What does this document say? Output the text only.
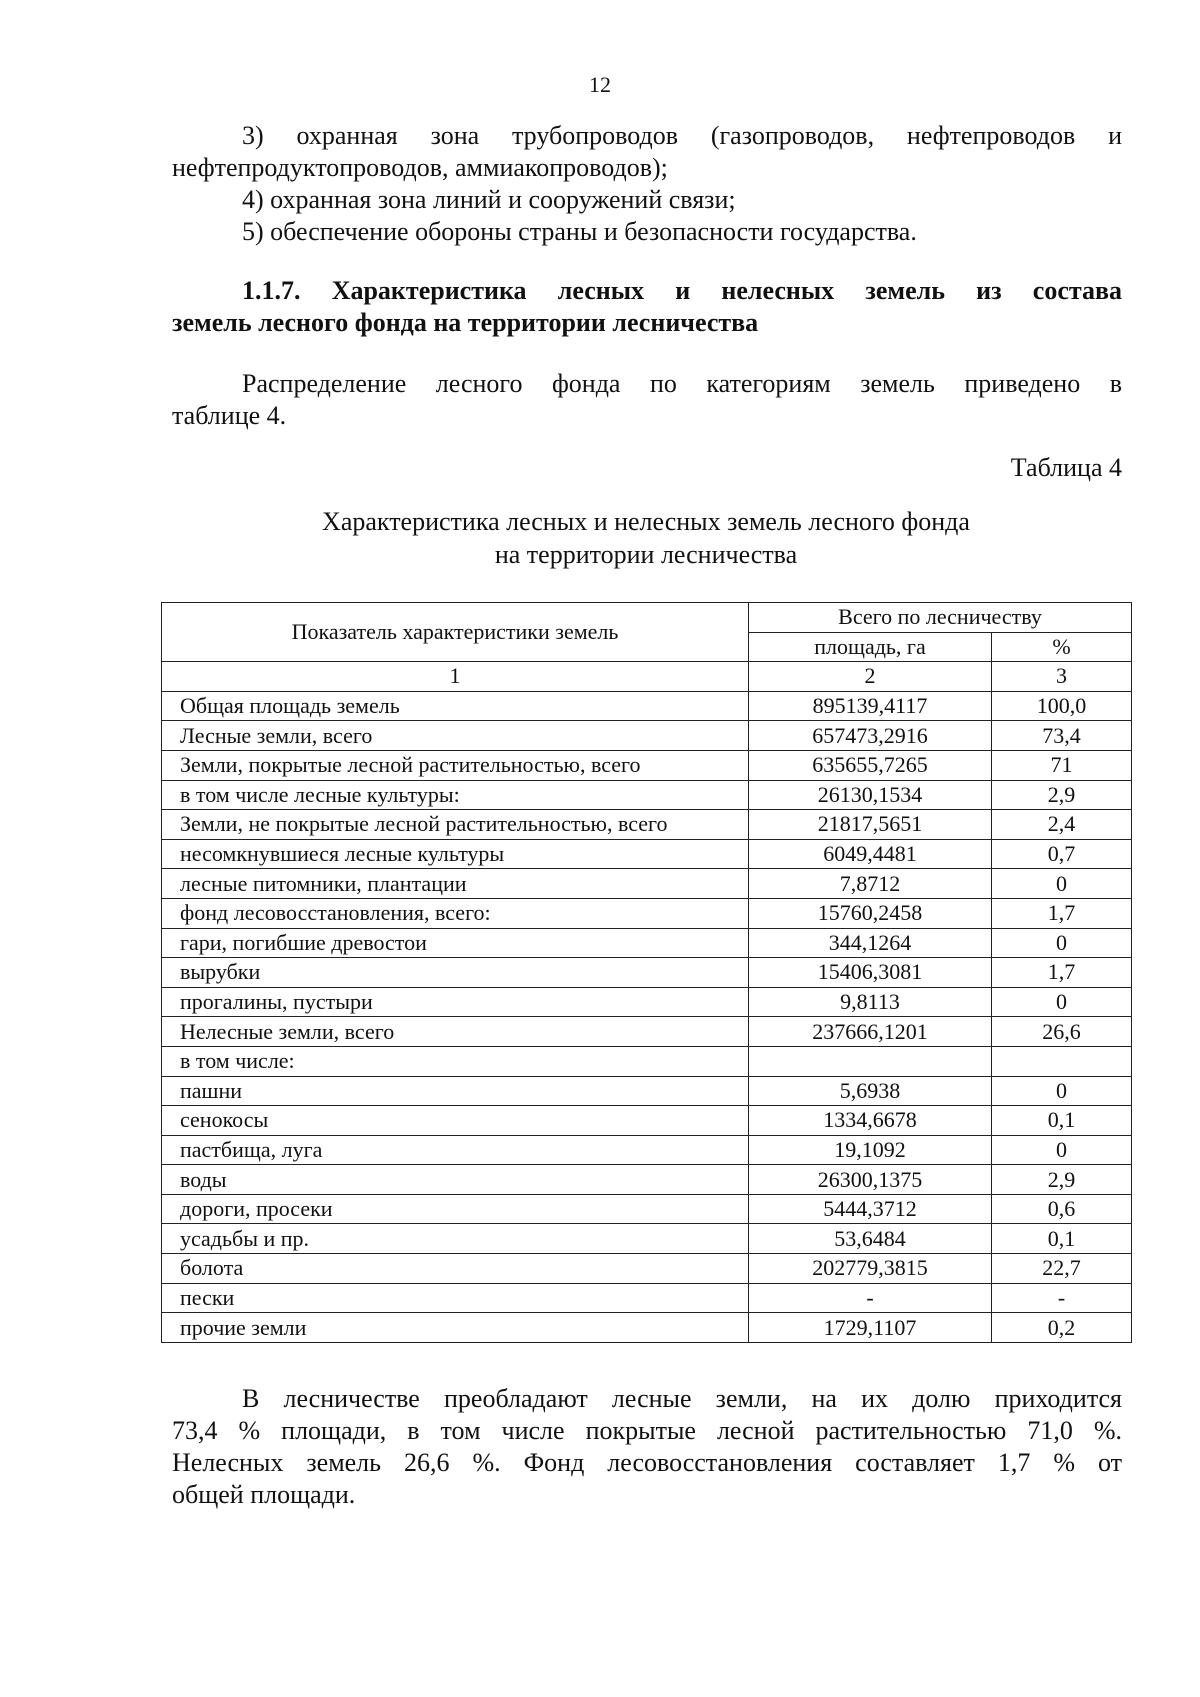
12
3) охранная зона трубопроводов (газопроводов, нефтепроводов и
нефтепродуктопроводов, аммиакопроводов);
4) охранная зона линий и сооружений связи;
5) обеспечение обороны страны и безопасности государства.
1.1.7. Характеристика лесных и нелесных земель из состава
земель лесного фонда на территории лесничества
Распределение лесного фонда по категориям земель приведено в
таблице 4.
Таблица 4
Характеристика лесных и нелесных земель лесного фонда
на территории лесничества
Показатель характеристики земель	Всего по лесничеству	
	площадь, га	%
1	2	3
Общая площадь земель	895139,4117	100,0
Лесные земли, всего	657473,2916	73,4
Земли, покрытые лесной растительностью, всего	635655,7265	71
в том числе лесные культуры:	26130,1534	2,9
Земли, не покрытые лесной растительностью, всего	21817,5651	2,4
несомкнувшиеся лесные культуры	6049,4481	0,7
лесные питомники, плантации	7,8712	0
фонд лесовосстановления, всего:	15760,2458	1,7
гари, погибшие древостои	344,1264	0
вырубки	15406,3081	1,7
прогалины, пустыри	9,8113	0
Нелесные земли, всего	237666,1201	26,6
в том числе:		
пашни	5,6938	0
сенокосы	1334,6678	0,1
пастбища, луга	19,1092	0
воды	26300,1375	2,9
дороги, просеки	5444,3712	0,6
усадьбы и пр.	53,6484	0,1
болота	202779,3815	22,7
пески	-	-
прочие земли	1729,1107	0,2
В лесничестве преобладают лесные земли, на их долю приходится
73,4 % площади, в том числе покрытые лесной растительностью 71,0 %.
Нелесных земель 26,6 %. Фонд лесовосстановления составляет 1,7 % от
общей площади.
